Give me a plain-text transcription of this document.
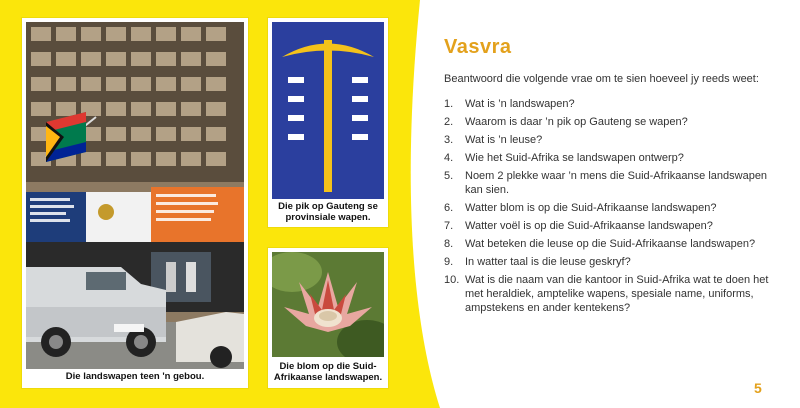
Die landswapen teen 'n gebou.
Die pik op Gauteng se provinsiale wapen.
Die blom op die Suid-Afrikaanse landswapen.
Vasvra
Beantwoord die volgende vrae om te sien hoeveel jy reeds weet:
1.	Wat is ’n landswapen?
2.	Waarom is daar ’n pik op Gauteng se wapen?
3.	Wat is ’n leuse?
4.	Wie het Suid-Afrika se landswapen ontwerp?
5.	Noem 2 plekke waar ’n mens die Suid-Afrikaanse landswapen kan sien.
6.	Watter blom is op die Suid-Afrikaanse landswapen?
7.	Watter voël is op die Suid-Afrikaanse landswapen?
8.	Wat beteken die leuse op die Suid-Afrikaanse landswapen?
9.	In watter taal is die leuse geskryf?
10. Wat is die naam van die kantoor in Suid-Afrika wat te doen het met heraldiek, amptelike wapens, spesiale name, uniforms, ampstekens en ander kentekens?
5
